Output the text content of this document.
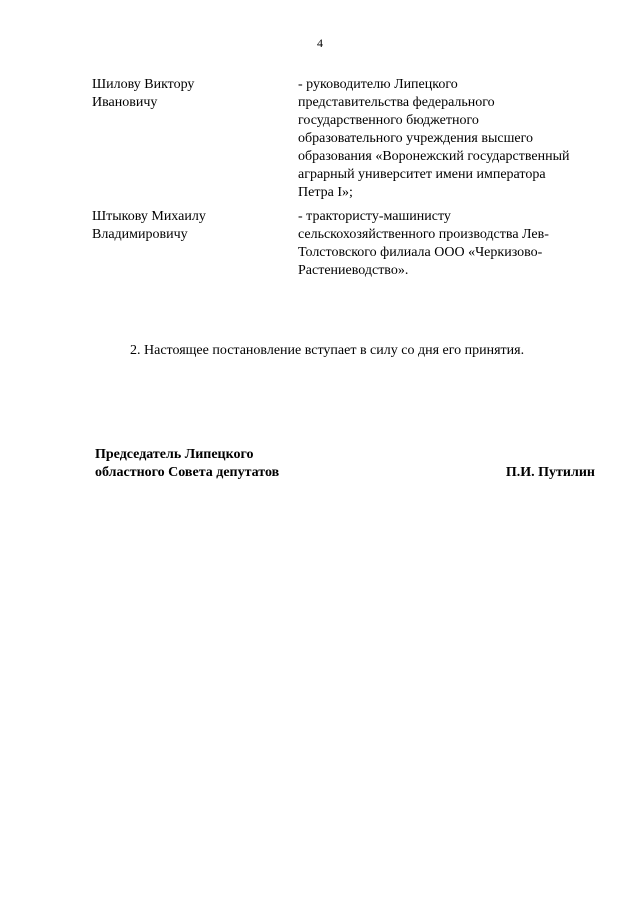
4
Шилову Виктору
Ивановичу
- руководителю Липецкого
представительства федерального
государственного бюджетного
образовательного учреждения высшего
образования «Воронежский государственный
аграрный университет имени императора
Петра I»;
Штыкову Михаилу
Владимировичу
- трактористу-машинисту
сельскохозяйственного производства Лев-
Толстовского филиала ООО «Черкизово-
Растениеводство».
2. Настоящее постановление вступает в силу со дня его принятия.
Председатель Липецкого
областного Совета депутатов	П.И. Путилин
